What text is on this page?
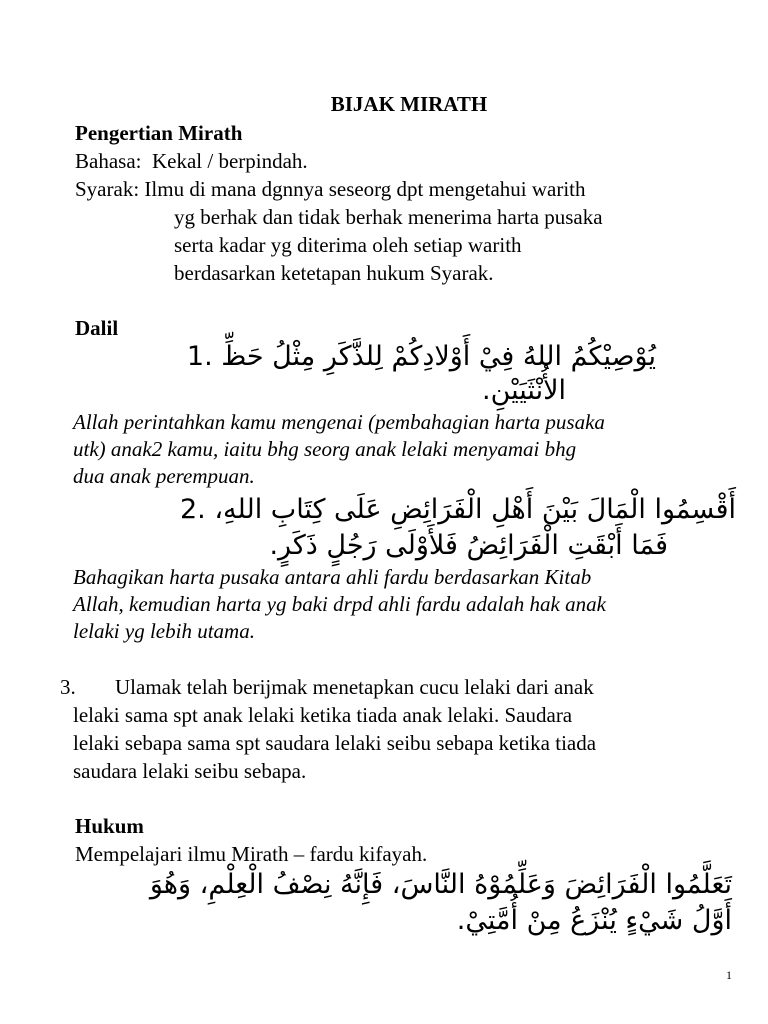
BIJAK MIRATH
Pengertian Mirath
Bahasa: Kekal / berpindah.
Syarak: Ilmu di mana dgnnya seseorg dpt mengetahui warith
yg berhak dan tidak berhak menerima harta pusaka
serta kadar yg diterima oleh setiap warith
berdasarkan ketetapan hukum Syarak.
Dalil
يُوْصِيْكُمُ اللهُ فِيْ أَوْلادِكُمْ لِلذَّكَرِ مِثْلُ حَظِّ 1.
الأُنْثَيَيْنِ.
Allah perintahkan kamu mengenai (pembahagian harta pusaka
utk) anak2 kamu, iaitu bhg seorg anak lelaki menyamai bhg
dua anak perempuan.
أَقْسِمُوا الْمَالَ بَيْنَ أَهْلِ الْفَرَائِضِ عَلَى كِتَابِ اللهِ، 2.
فَمَا أَبْقَتِ الْفَرَائِضُ فَلأَوْلَى رَجُلٍ ذَكَرٍ.
Bahagikan harta pusaka antara ahli fardu berdasarkan Kitab
Allah, kemudian harta yg baki drpd ahli fardu adalah hak anak
lelaki yg lebih utama.
3. Ulamak telah berijmak menetapkan cucu lelaki dari anak
lelaki sama spt anak lelaki ketika tiada anak lelaki. Saudara
lelaki sebapa sama spt saudara lelaki seibu sebapa ketika tiada
saudara lelaki seibu sebapa.
Hukum
Mempelajari ilmu Mirath – fardu kifayah.
تَعَلَّمُوا الْفَرَائِضَ وَعَلِّمُوْهُ النَّاسَ، فَإِنَّهُ نِصْفُ الْعِلْمِ، وَهُوَ
أَوَّلُ شَيْءٍ يُنْزَعُ مِنْ أُمَّتِيْ.
1
